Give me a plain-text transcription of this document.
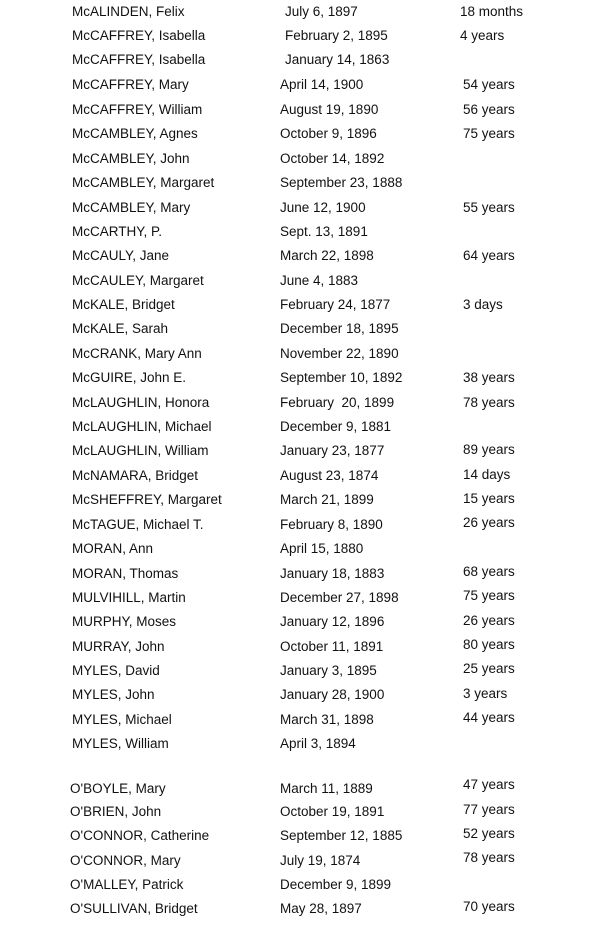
McALINDEN, Felix	July 6, 1897	18 months
McCAFFREY, Isabella	February 2, 1895	4 years
McCAFFREY, Isabella	January 14, 1863
McCAFFREY, Mary	April 14, 1900	54 years
McCAFFREY, William	August 19, 1890	56 years
McCAMBLEY, Agnes	October 9, 1896	75 years
McCAMBLEY, John	October 14, 1892
McCAMBLEY, Margaret	September 23, 1888
McCAMBLEY, Mary	June 12, 1900	55 years
McCARTHY, P.	Sept. 13, 1891
McCAULY, Jane	March 22, 1898	64 years
McCAULEY, Margaret	June 4, 1883
McKALE, Bridget	February 24, 1877	3 days
McKALE, Sarah	December 18, 1895
McCRANK, Mary Ann	November 22, 1890
McGUIRE, John E.	September 10, 1892	38 years
McLAUGHLIN, Honora	February  20, 1899	78 years
McLAUGHLIN, Michael	December 9, 1881
McLAUGHLIN, William	January 23, 1877	89 years
McNAMARA, Bridget	August 23, 1874	14 days
McSHEFFREY, Margaret	March 21, 1899	15 years
McTAGUE, Michael T.	February 8, 1890	26 years
MORAN, Ann	April 15, 1880
MORAN, Thomas	January 18, 1883	68 years
MULVIHILL, Martin	December 27, 1898	75 years
MURPHY, Moses	January 12, 1896	26 years
MURRAY, John	October 11, 1891	80 years
MYLES, David	January 3, 1895	25 years
MYLES, John	January 28, 1900	3 years
MYLES, Michael	March 31, 1898	44 years
MYLES, William	April 3, 1894
O'BOYLE, Mary	March 11, 1889	47 years
O'BRIEN, John	October 19, 1891	77 years
O'CONNOR, Catherine	September 12, 1885	52 years
O'CONNOR, Mary	July 19, 1874	78 years
O'MALLEY, Patrick	December 9, 1899
O'SULLIVAN, Bridget	May 28, 1897	70 years
